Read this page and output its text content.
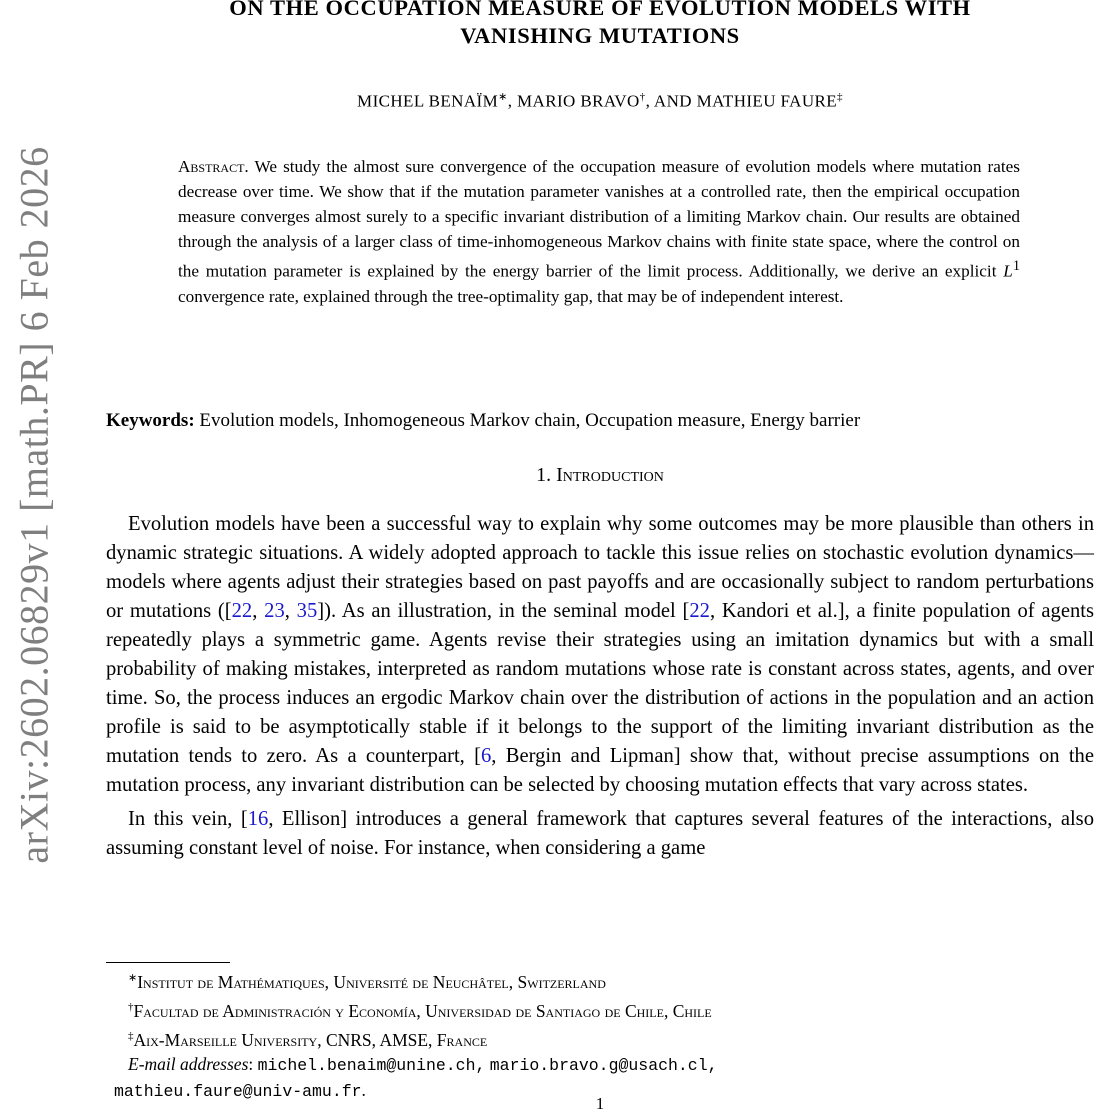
arXiv:2602.06829v1 [math.PR] 6 Feb 2026
ON THE OCCUPATION MEASURE OF EVOLUTION MODELS WITH
VANISHING MUTATIONS
MICHEL BENAÏM∗, MARIO BRAVO†, AND MATHIEU FAURE‡
Abstract. We study the almost sure convergence of the occupation measure of evolution models where mutation rates decrease over time. We show that if the mutation parameter vanishes at a controlled rate, then the empirical occupation measure converges almost surely to a specific invariant distribution of a limiting Markov chain. Our results are obtained through the analysis of a larger class of time-inhomogeneous Markov chains with finite state space, where the control on the mutation parameter is explained by the energy barrier of the limit process. Additionally, we derive an explicit $L^1$ convergence rate, explained through the tree-optimality gap, that may be of independent interest.
Keywords: Evolution models, Inhomogeneous Markov chain, Occupation measure, Energy barrier
1. Introduction

Evolution models have been a successful way to explain why some outcomes may be more plausible than others in dynamic strategic situations. A widely adopted approach to tackle this issue relies on stochastic evolution dynamics—models where agents adjust their strategies based on past payoffs and are occasionally subject to random perturbations or mutations ([22, 23, 35]). As an illustration, in the seminal model [22, Kandori et al.], a finite population of agents repeatedly plays a symmetric game. Agents revise their strategies using an imitation dynamics but with a small probability of making mistakes, interpreted as random mutations whose rate is constant across states, agents, and over time. So, the process induces an ergodic Markov chain over the distribution of actions in the population and an action profile is said to be asymptotically stable if it belongs to the support of the limiting invariant distribution as the mutation tends to zero. As a counterpart, [6, Bergin and Lipman] show that, without precise assumptions on the mutation process, any invariant distribution can be selected by choosing mutation effects that vary across states.

In this vein, [16, Ellison] introduces a general framework that captures several features of the interactions, also assuming constant level of noise. For instance, when considering a game

∗Institut de Mathématiques, Université de Neuchâtel, Switzerland
†Facultad de Administración y Economía, Universidad de Santiago de Chile, Chile
‡Aix-Marseille University, CNRS, AMSE, France
E-mail addresses: michel.benaim@unine.ch, mario.bravo.g@usach.cl,
mathieu.faure@univ-amu.fr.
1
